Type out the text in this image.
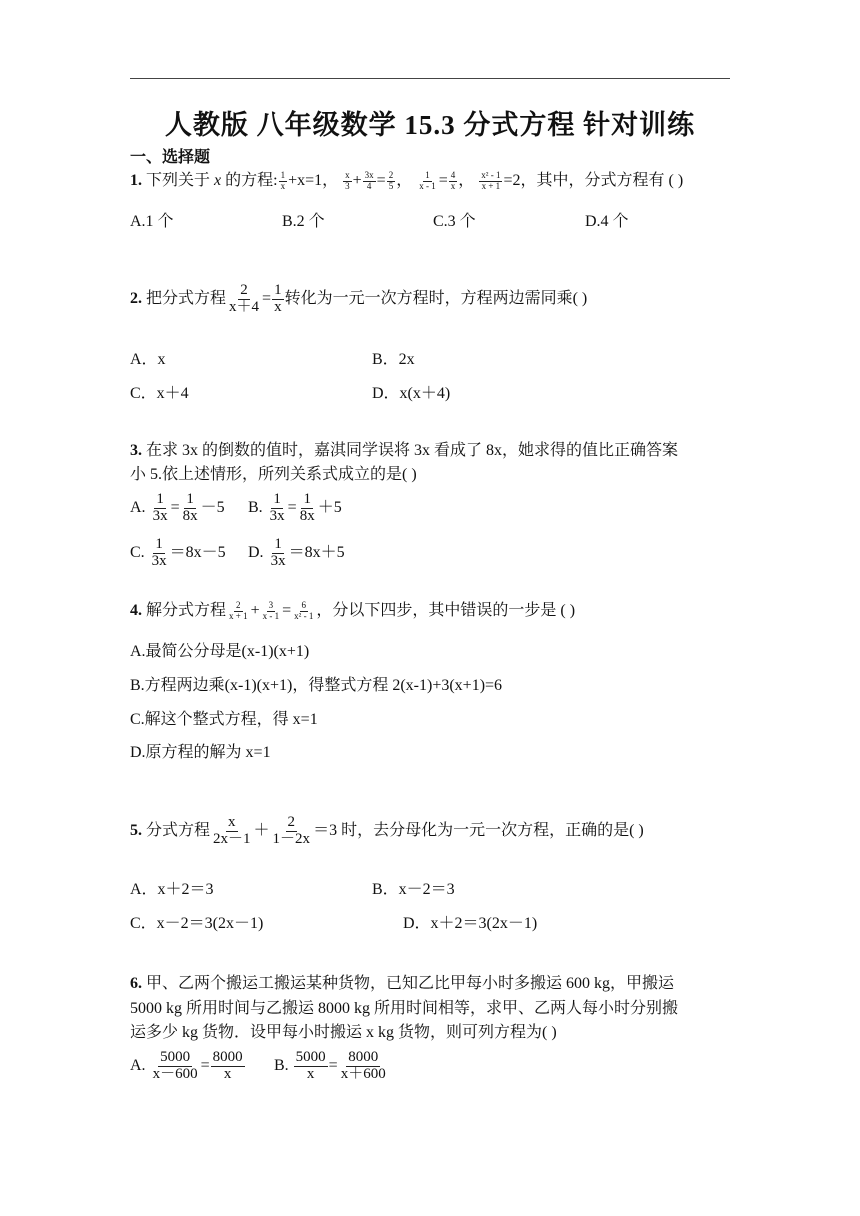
人教版 八年级数学 15.3 分式方程 针对训练
一、选择题
1. 下列关于 x 的方程: $\frac{1}{x} +x=1$， $\frac{x}{3} + \frac{3x}{4} = \frac{2}{5}$ ， $\frac{1}{x - 1} = \frac{4}{x}$ ， $\frac{\text{x² - 1}}{x + 1} =2$，其中，分式方程有 ( )
A.1 个	B.2 个	C.3 个	D.4 个
2. 把分式方程 $\frac{2}{x+4} = \frac{1}{x}$ 转化为一元一次方程时，方程两边需同乘( )
A．x	B．2x
C．x＋4	D．x(x＋4)
3. 在求 3x 的倒数的值时，嘉淇同学误将 3x 看成了 8x，她求得的值比正确答案
小 5.依上述情形，所列关系式成立的是( )
A. $\frac{1}{3x} = \frac{1}{8x} -5$ B. $\frac{1}{3x} = \frac{1}{8x} +5$
C. $\frac{1}{3x} =8x-5$ D. $\frac{1}{3x} =8x+5$
4. 解分式方程 $\frac{2}{x + 1} + \frac{3}{x - 1} = \frac{6}{\text{x² - 1}}$ ，分以下四步，其中错误的一步是 ( )
A.最简公分母是(x-1)(x+1)
B.方程两边乘(x-1)(x+1)，得整式方程 2(x-1)+3(x+1)=6
C.解这个整式方程，得 x=1
D.原方程的解为 x=1
5. 分式方程 $\frac{x}{2x-1} + \frac{2}{1-2x} =3$ 时，去分母化为一元一次方程，正确的是( )
A．x＋2＝3	B．x－2＝3
C．x－2＝3(2x－1)	D．x＋2＝3(2x－1)
6. 甲、乙两个搬运工搬运某种货物，已知乙比甲每小时多搬运 600 kg，甲搬运
5000 kg 所用时间与乙搬运 8000 kg 所用时间相等，求甲、乙两人每小时分别搬
运多少 kg 货物．设甲每小时搬运 x kg 货物，则可列方程为( )
A. $\frac{5000}{x-600} = \frac{8000}{x} B$. $\frac{5000}{x} = \frac{8000}{x+600}$
